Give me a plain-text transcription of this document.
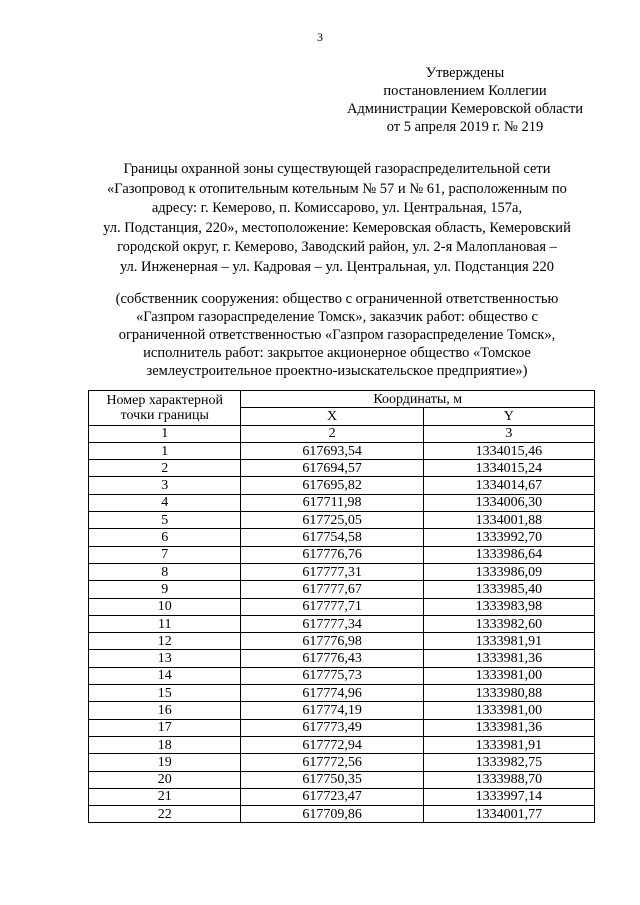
3
Утверждены
постановлением Коллегии
Администрации Кемеровской области
от 5 апреля 2019 г. № 219
Границы охранной зоны существующей газораспределительной сети
«Газопровод к отопительным котельным № 57 и № 61, расположенным по
адресу: г. Кемерово, п. Комиссарово, ул. Центральная, 157а,
ул. Подстанция, 220», местоположение: Кемеровская область, Кемеровский
городской округ, г. Кемерово, Заводский район, ул. 2-я Малоплановая –
ул. Инженерная – ул. Кадровая – ул. Центральная, ул. Подстанция 220
(собственник сооружения: общество с ограниченной ответственностью
«Газпром газораспределение Томск», заказчик работ: общество с
ограниченной ответственностью «Газпром газораспределение Томск»,
исполнитель работ: закрытое акционерное общество «Томское
землеустроительное проектно-изыскательское предприятие»)
Номер характерной
точки границы	Координаты, м	
	X	Y
1	2	3
1	617693,54	1334015,46
2	617694,57	1334015,24
3	617695,82	1334014,67
4	617711,98	1334006,30
5	617725,05	1334001,88
6	617754,58	1333992,70
7	617776,76	1333986,64
8	617777,31	1333986,09
9	617777,67	1333985,40
10	617777,71	1333983,98
11	617777,34	1333982,60
12	617776,98	1333981,91
13	617776,43	1333981,36
14	617775,73	1333981,00
15	617774,96	1333980,88
16	617774,19	1333981,00
17	617773,49	1333981,36
18	617772,94	1333981,91
19	617772,56	1333982,75
20	617750,35	1333988,70
21	617723,47	1333997,14
22	617709,86	1334001,77
